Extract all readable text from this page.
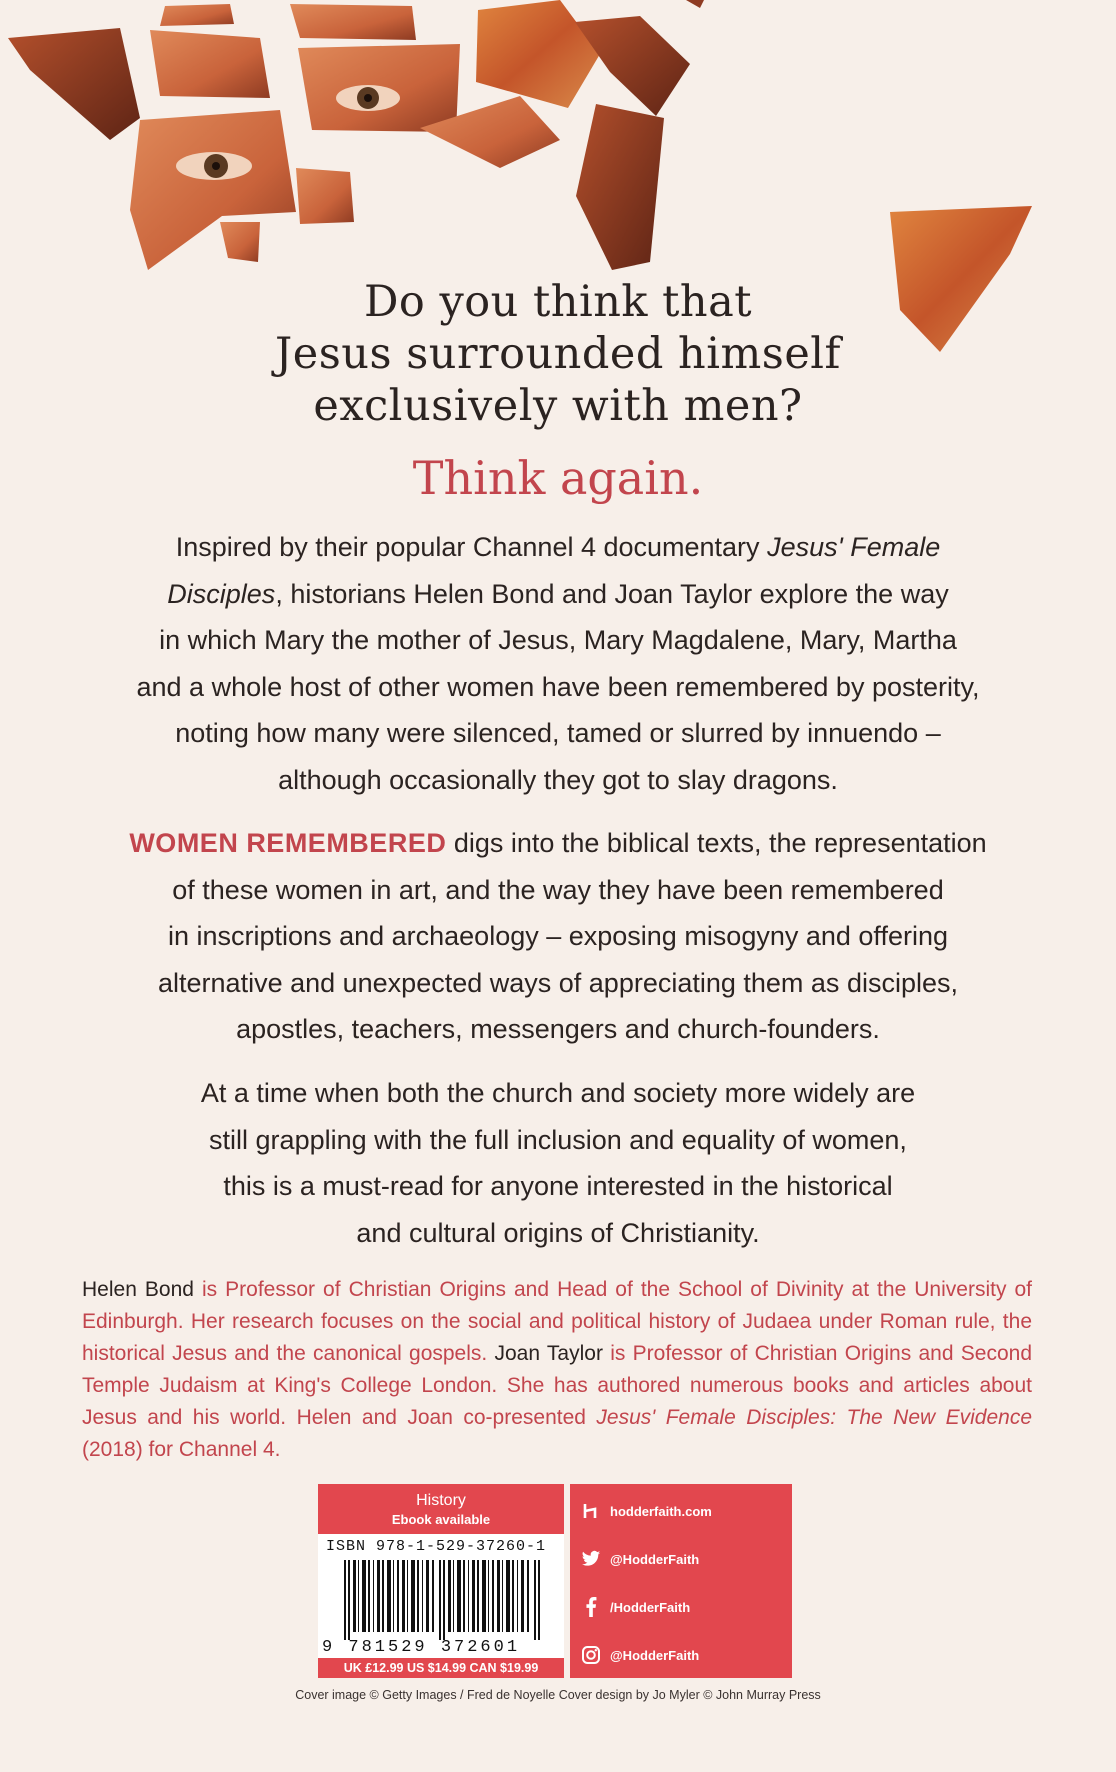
Do you think that
Jesus surrounded himself
exclusively with men?
Think again.
Inspired by their popular Channel 4 documentary Jesus' Female
Disciples, historians Helen Bond and Joan Taylor explore the way
in which Mary the mother of Jesus, Mary Magdalene, Mary, Martha
and a whole host of other women have been remembered by posterity,
noting how many were silenced, tamed or slurred by innuendo –
although occasionally they got to slay dragons.
WOMEN REMEMBERED digs into the biblical texts, the representation
of these women in art, and the way they have been remembered
in inscriptions and archaeology – exposing misogyny and offering
alternative and unexpected ways of appreciating them as disciples,
apostles, teachers, messengers and church-founders.
At a time when both the church and society more widely are
still grappling with the full inclusion and equality of women,
this is a must-read for anyone interested in the historical
and cultural origins of Christianity.
Helen Bond is Professor of Christian Origins and Head of the School of Divinity at the University of Edinburgh. Her research focuses on the social and political history of Judaea under Roman rule, the historical Jesus and the canonical gospels. Joan Taylor is Professor of Christian Origins and Second Temple Judaism at King's College London. She has authored numerous books and articles about Jesus and his world. Helen and Joan co-presented Jesus' Female Disciples: The New Evidence (2018) for Channel 4.
History
Ebook available
ISBN 978-1-529-37260-1
9 781529 372601
UK £12.99 US $14.99 CAN $19.99
hodderfaith.com
@HodderFaith
/HodderFaith
@HodderFaith
Cover image © Getty Images / Fred de Noyelle Cover design by Jo Myler © John Murray Press
